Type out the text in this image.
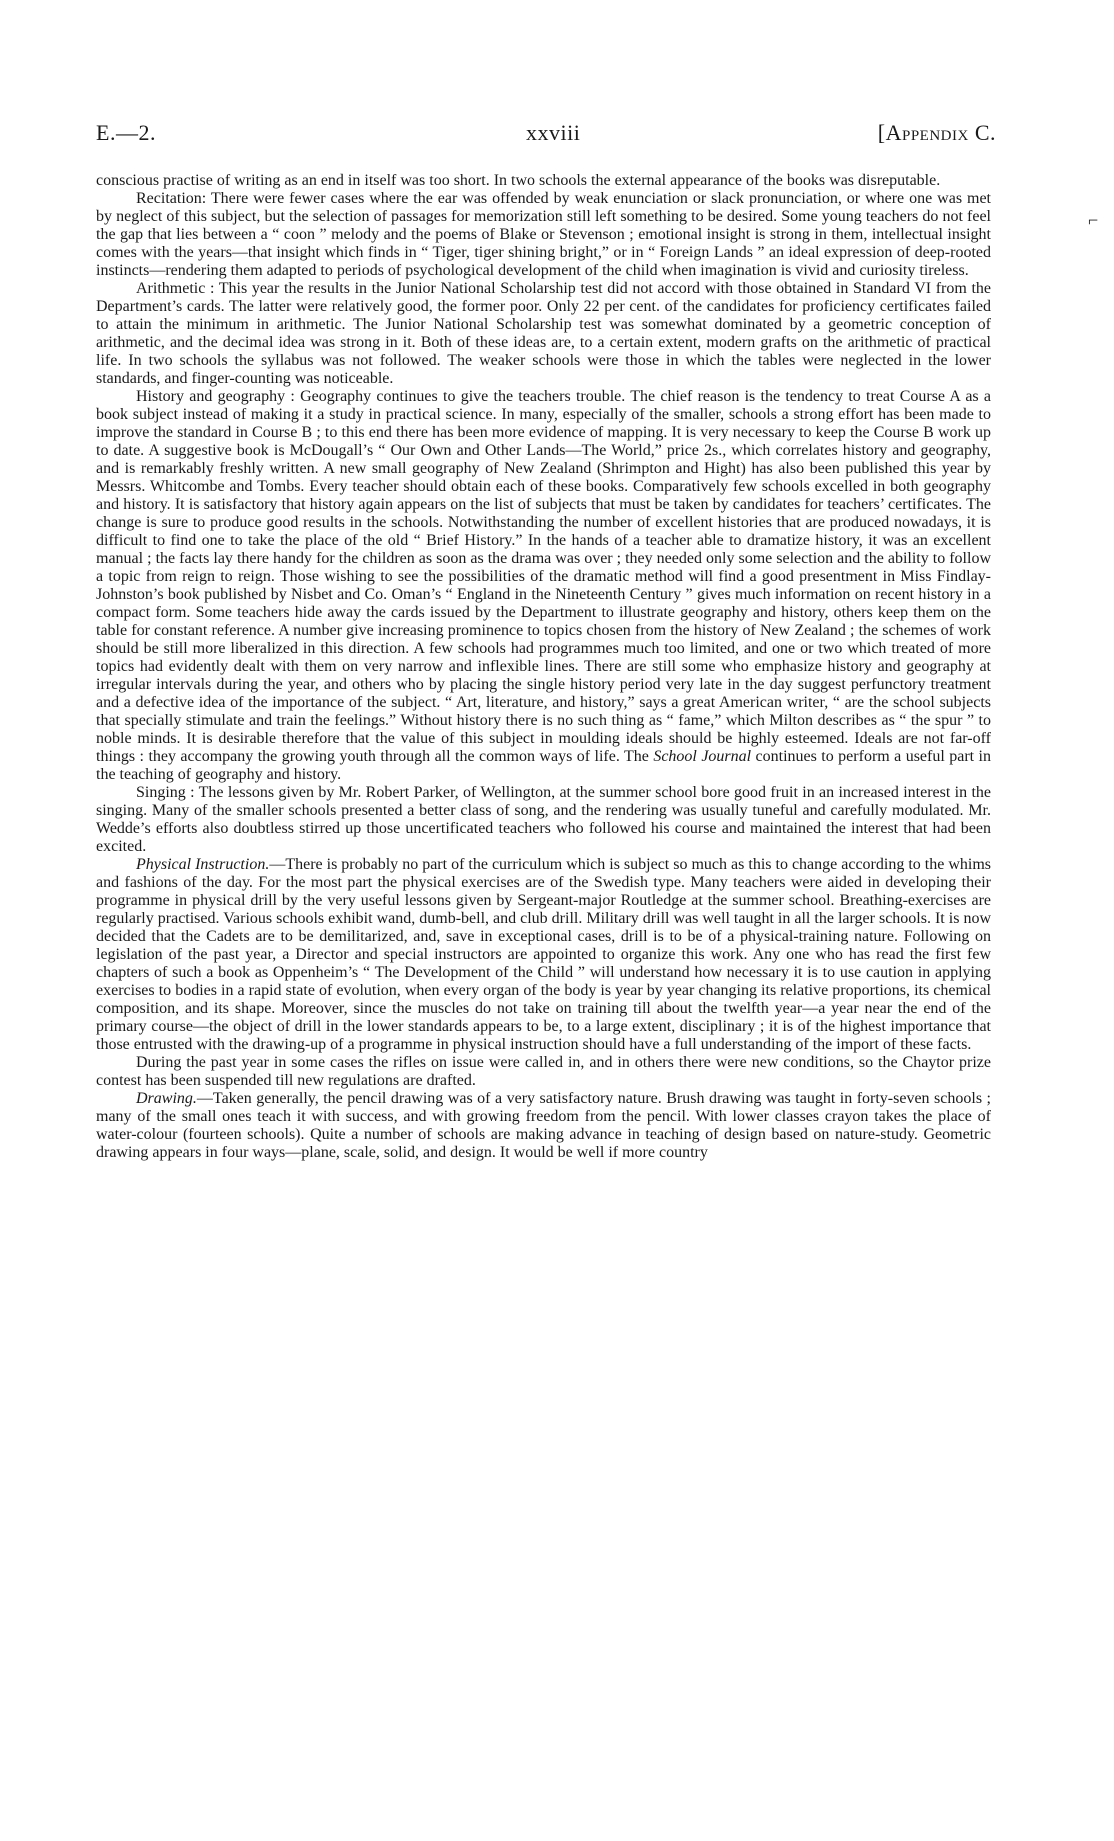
E.—2.	xxviii	[Appendix C.
⌐

conscious practise of writing as an end in itself was too short. In two schools the external appearance of the books was disreputable.

Recitation: There were fewer cases where the ear was offended by weak enunciation or slack pronunciation, or where one was met by neglect of this subject, but the selection of passages for memorization still left something to be desired. Some young teachers do not feel the gap that lies between a “ coon ” melody and the poems of Blake or Stevenson ; emotional insight is strong in them, intellectual insight comes with the years—that insight which finds in “ Tiger, tiger shining bright,” or in “ Foreign Lands ” an ideal expression of deep-rooted instincts—rendering them adapted to periods of psychological development of the child when imagination is vivid and curiosity tireless.

Arithmetic : This year the results in the Junior National Scholarship test did not accord with those obtained in Standard VI from the Department’s cards. The latter were relatively good, the former poor. Only 22 per cent. of the candidates for proficiency certificates failed to attain the minimum in arithmetic. The Junior National Scholarship test was somewhat dominated by a geometric conception of arithmetic, and the decimal idea was strong in it. Both of these ideas are, to a certain extent, modern grafts on the arithmetic of practical life. In two schools the syllabus was not followed. The weaker schools were those in which the tables were neglected in the lower standards, and finger-counting was noticeable.

History and geography : Geography continues to give the teachers trouble. The chief reason is the tendency to treat Course A as a book subject instead of making it a study in practical science. In many, especially of the smaller, schools a strong effort has been made to improve the standard in Course B ; to this end there has been more evidence of mapping. It is very necessary to keep the Course B work up to date. A suggestive book is McDougall’s “ Our Own and Other Lands—The World,” price 2s., which correlates history and geography, and is remarkably freshly written. A new small geography of New Zealand (Shrimpton and Hight) has also been published this year by Messrs. Whitcombe and Tombs. Every teacher should obtain each of these books. Comparatively few schools excelled in both geography and history. It is satisfactory that history again appears on the list of subjects that must be taken by candidates for teachers’ certificates. The change is sure to produce good results in the schools. Notwithstanding the number of excellent histories that are produced nowadays, it is difficult to find one to take the place of the old “ Brief History.” In the hands of a teacher able to dramatize history, it was an excellent manual ; the facts lay there handy for the children as soon as the drama was over ; they needed only some selection and the ability to follow a topic from reign to reign. Those wishing to see the possibilities of the dramatic method will find a good presentment in Miss Findlay-Johnston’s book published by Nisbet and Co. Oman’s “ England in the Nineteenth Century ” gives much information on recent history in a compact form. Some teachers hide away the cards issued by the Department to illustrate geography and history, others keep them on the table for constant reference. A number give increasing prominence to topics chosen from the history of New Zealand ; the schemes of work should be still more liberalized in this direction. A few schools had programmes much too limited, and one or two which treated of more topics had evidently dealt with them on very narrow and inflexible lines. There are still some who emphasize history and geography at irregular intervals during the year, and others who by placing the single history period very late in the day suggest perfunctory treatment and a defective idea of the importance of the subject. “ Art, literature, and history,” says a great American writer, “ are the school subjects that specially stimulate and train the feelings.” Without history there is no such thing as “ fame,” which Milton describes as “ the spur ” to noble minds. It is desirable therefore that the value of this subject in moulding ideals should be highly esteemed. Ideals are not far-off things : they accompany the growing youth through all the common ways of life. The School Journal continues to perform a useful part in the teaching of geography and history.

Singing : The lessons given by Mr. Robert Parker, of Wellington, at the summer school bore good fruit in an increased interest in the singing. Many of the smaller schools presented a better class of song, and the rendering was usually tuneful and carefully modulated. Mr. Wedde’s efforts also doubtless stirred up those uncertificated teachers who followed his course and maintained the interest that had been excited.

Physical Instruction.—There is probably no part of the curriculum which is subject so much as this to change according to the whims and fashions of the day. For the most part the physical exercises are of the Swedish type. Many teachers were aided in developing their programme in physical drill by the very useful lessons given by Sergeant-major Routledge at the summer school. Breathing-exercises are regularly practised. Various schools exhibit wand, dumb-bell, and club drill. Military drill was well taught in all the larger schools. It is now decided that the Cadets are to be demilitarized, and, save in exceptional cases, drill is to be of a physical-training nature. Following on legislation of the past year, a Director and special instructors are appointed to organize this work. Any one who has read the first few chapters of such a book as Oppenheim’s “ The Development of the Child ” will understand how necessary it is to use caution in applying exercises to bodies in a rapid state of evolution, when every organ of the body is year by year changing its relative proportions, its chemical composition, and its shape. Moreover, since the muscles do not take on training till about the twelfth year—a year near the end of the primary course—the object of drill in the lower standards appears to be, to a large extent, disciplinary ; it is of the highest importance that those entrusted with the drawing-up of a programme in physical instruction should have a full understanding of the import of these facts.

During the past year in some cases the rifles on issue were called in, and in others there were new conditions, so the Chaytor prize contest has been suspended till new regulations are drafted.

Drawing.—Taken generally, the pencil drawing was of a very satisfactory nature. Brush drawing was taught in forty-seven schools ; many of the small ones teach it with success, and with growing freedom from the pencil. With lower classes crayon takes the place of water-colour (fourteen schools). Quite a number of schools are making advance in teaching of design based on nature-study. Geometric drawing appears in four ways—plane, scale, solid, and design. It would be well if more country
